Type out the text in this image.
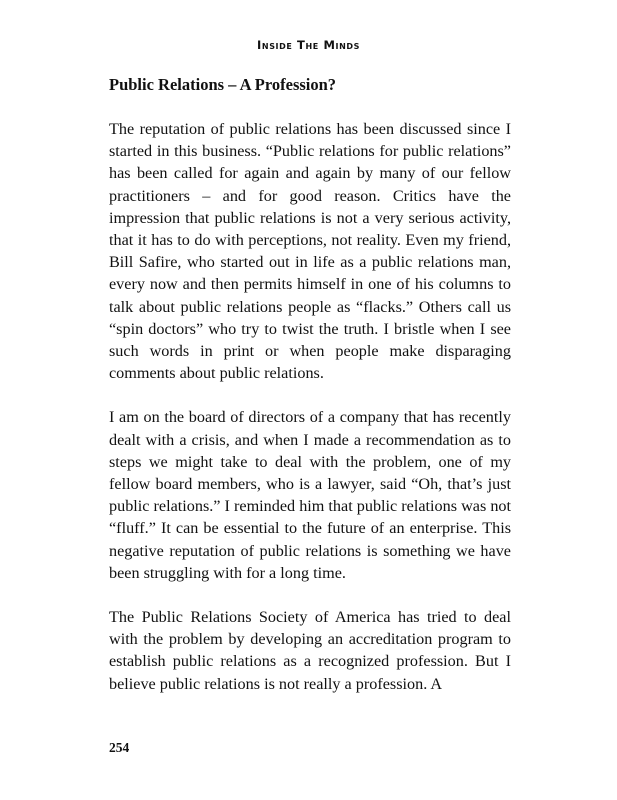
Inside The Minds
Public Relations – A Profession?

The reputation of public relations has been discussed since I started in this business. “Public relations for public relations” has been called for again and again by many of our fellow practitioners – and for good reason. Critics have the impression that public relations is not a very serious activity, that it has to do with perceptions, not reality. Even my friend, Bill Safire, who started out in life as a public relations man, every now and then permits himself in one of his columns to talk about public relations people as “flacks.” Others call us “spin doctors” who try to twist the truth. I bristle when I see such words in print or when people make disparaging comments about public relations.

I am on the board of directors of a company that has recently dealt with a crisis, and when I made a recommendation as to steps we might take to deal with the problem, one of my fellow board members, who is a lawyer, said “Oh, that’s just public relations.” I reminded him that public relations was not “fluff.” It can be essential to the future of an enterprise. This negative reputation of public relations is something we have been struggling with for a long time.

The Public Relations Society of America has tried to deal with the problem by developing an accreditation program to establish public relations as a recognized profession. But I believe public relations is not really a profession. A

254
